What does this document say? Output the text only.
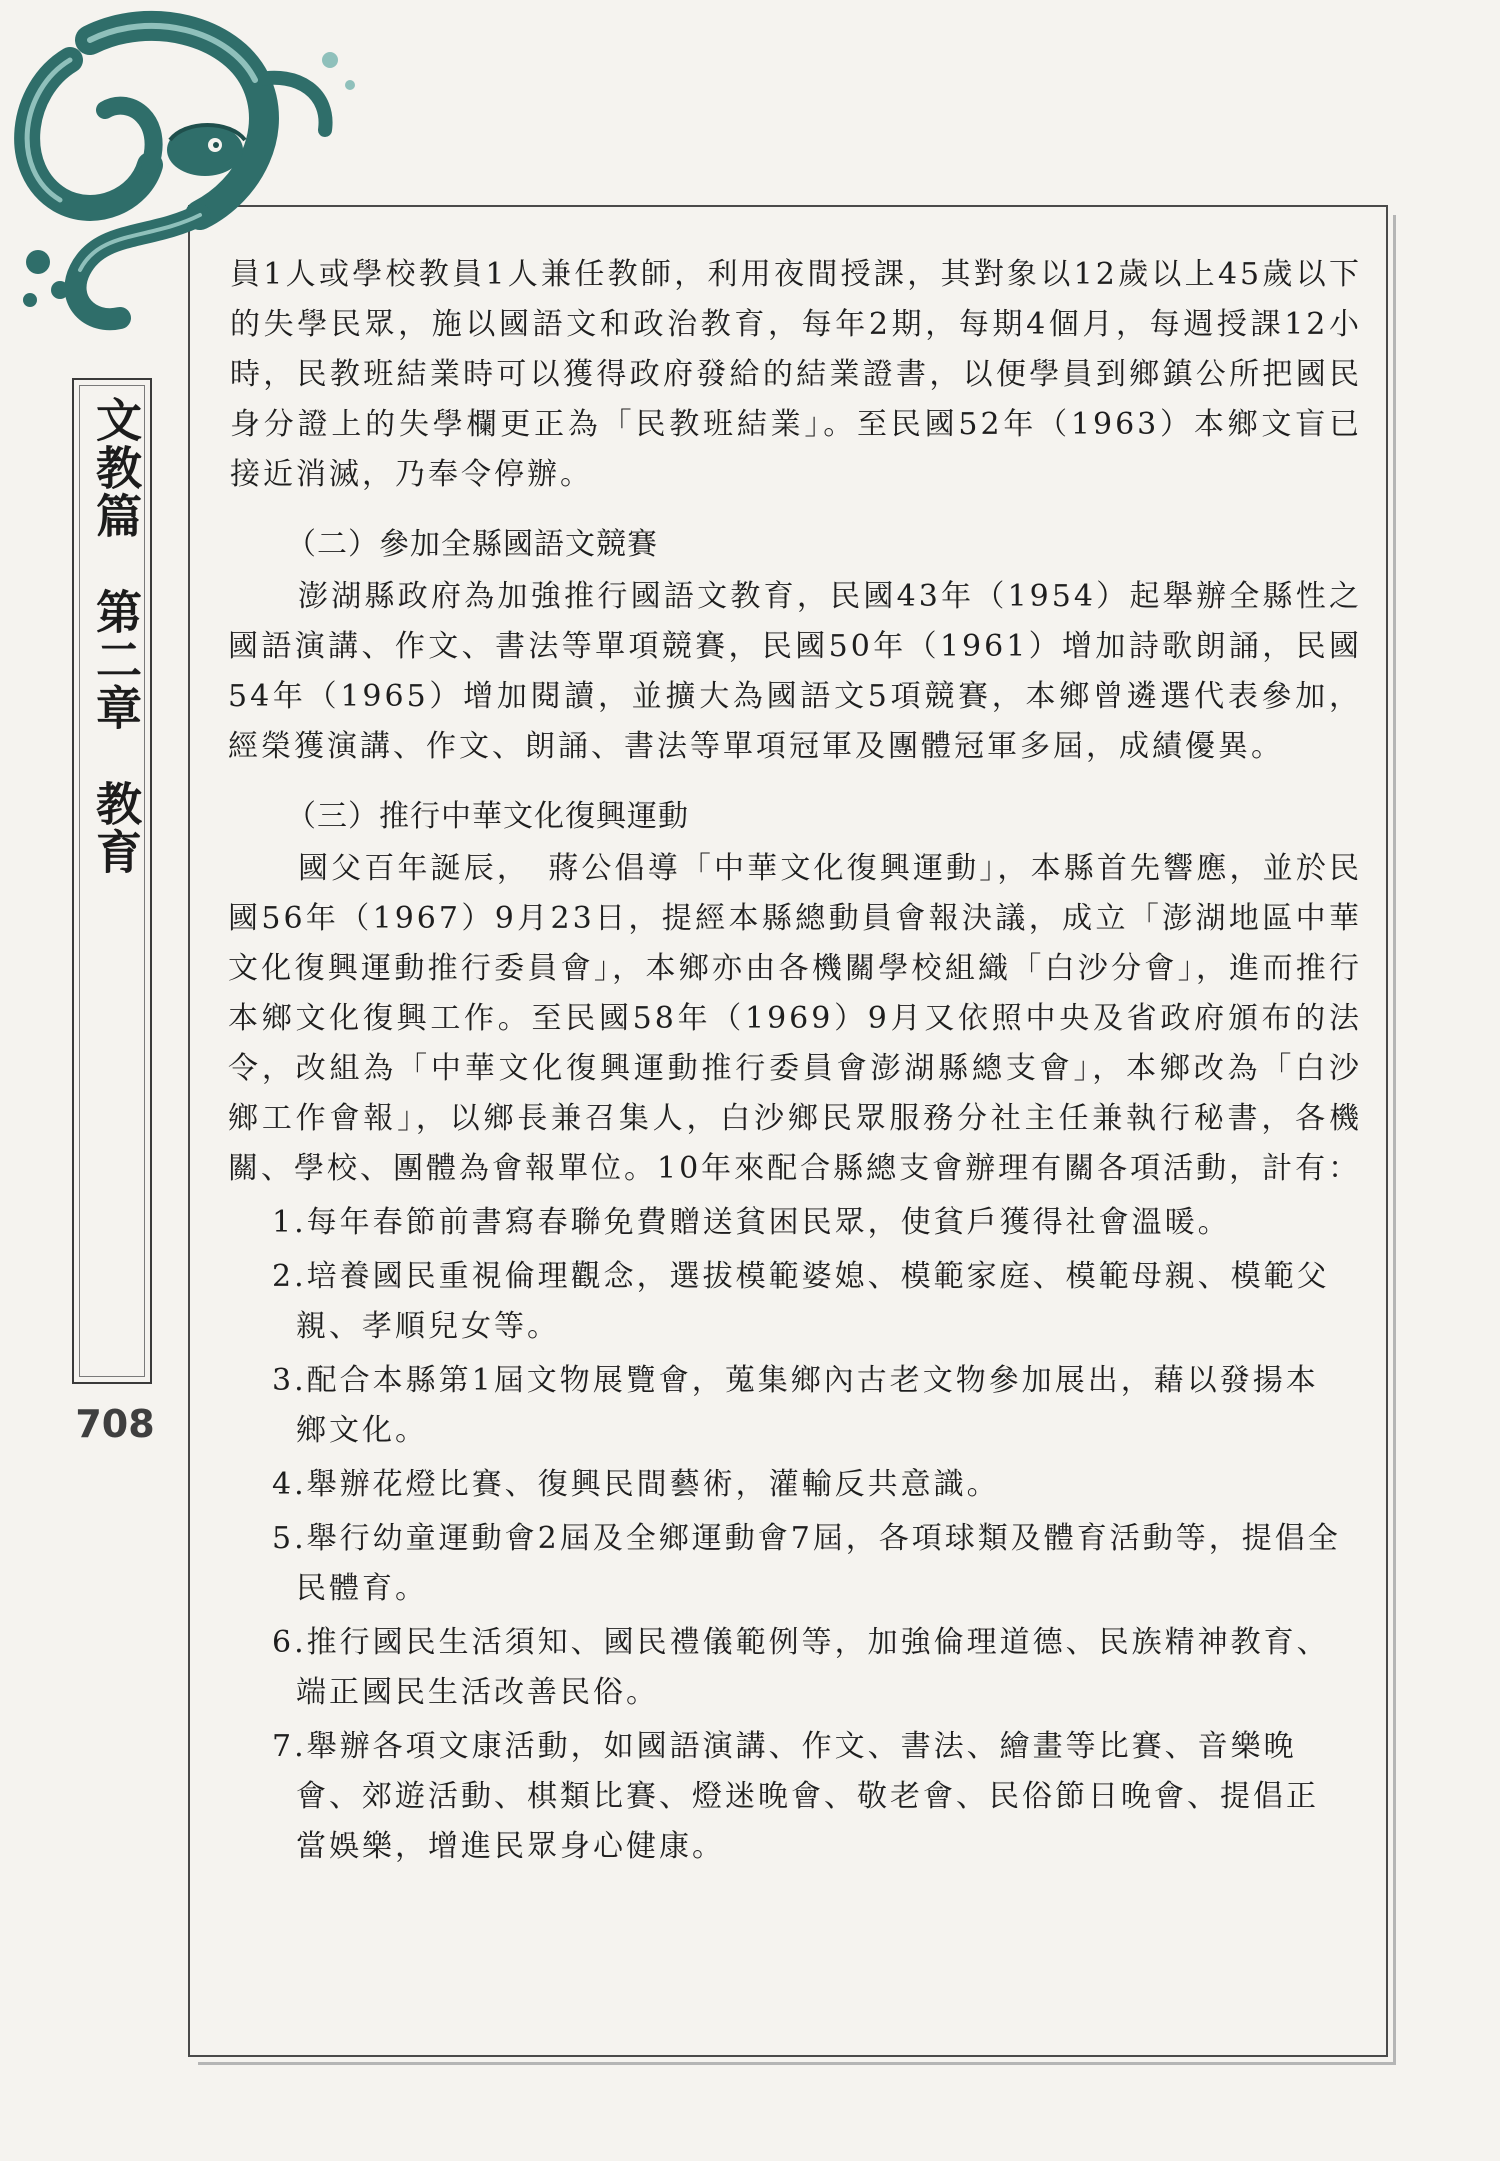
文教篇　第二章　教育
708

員1人或學校教員1人兼任教師，利用夜間授課，其對象以12歲以上45歲以下的失學民眾，施以國語文和政治教育，每年2期，每期4個月，每週授課12小時，民教班結業時可以獲得政府發給的結業證書，以便學員到鄉鎮公所把國民身分證上的失學欄更正為「民教班結業」。至民國52年（1963）本鄉文盲已接近消滅，乃奉令停辦。

（二）參加全縣國語文競賽

澎湖縣政府為加強推行國語文教育，民國43年（1954）起舉辦全縣性之國語演講、作文、書法等單項競賽，民國50年（1961）增加詩歌朗誦，民國54年（1965）增加閱讀，並擴大為國語文5項競賽，本鄉曾遴選代表參加，經榮獲演講、作文、朗誦、書法等單項冠軍及團體冠軍多屆，成績優異。

（三）推行中華文化復興運動

國父百年誕辰，　蔣公倡導「中華文化復興運動」，本縣首先響應，並於民國56年（1967）9月23日，提經本縣總動員會報決議，成立「澎湖地區中華文化復興運動推行委員會」，本鄉亦由各機關學校組織「白沙分會」，進而推行本鄉文化復興工作。至民國58年（1969）9月又依照中央及省政府頒布的法令，改組為「中華文化復興運動推行委員會澎湖縣總支會」，本鄉改為「白沙鄉工作會報」，以鄉長兼召集人，白沙鄉民眾服務分社主任兼執行秘書，各機關、學校、團體為會報單位。10年來配合縣總支會辦理有關各項活動，計有：

1.每年春節前書寫春聯免費贈送貧困民眾，使貧戶獲得社會溫暖。
2.培養國民重視倫理觀念，選拔模範婆媳、模範家庭、模範母親、模範父親、孝順兒女等。
3.配合本縣第1屆文物展覽會，蒐集鄉內古老文物參加展出，藉以發揚本鄉文化。
4.舉辦花燈比賽、復興民間藝術，灌輸反共意識。
5.舉行幼童運動會2屆及全鄉運動會7屆，各項球類及體育活動等，提倡全民體育。
6.推行國民生活須知、國民禮儀範例等，加強倫理道德、民族精神教育、端正國民生活改善民俗。
7.舉辦各項文康活動，如國語演講、作文、書法、繪畫等比賽、音樂晚會、郊遊活動、棋類比賽、燈迷晚會、敬老會、民俗節日晚會、提倡正當娛樂，增進民眾身心健康。
